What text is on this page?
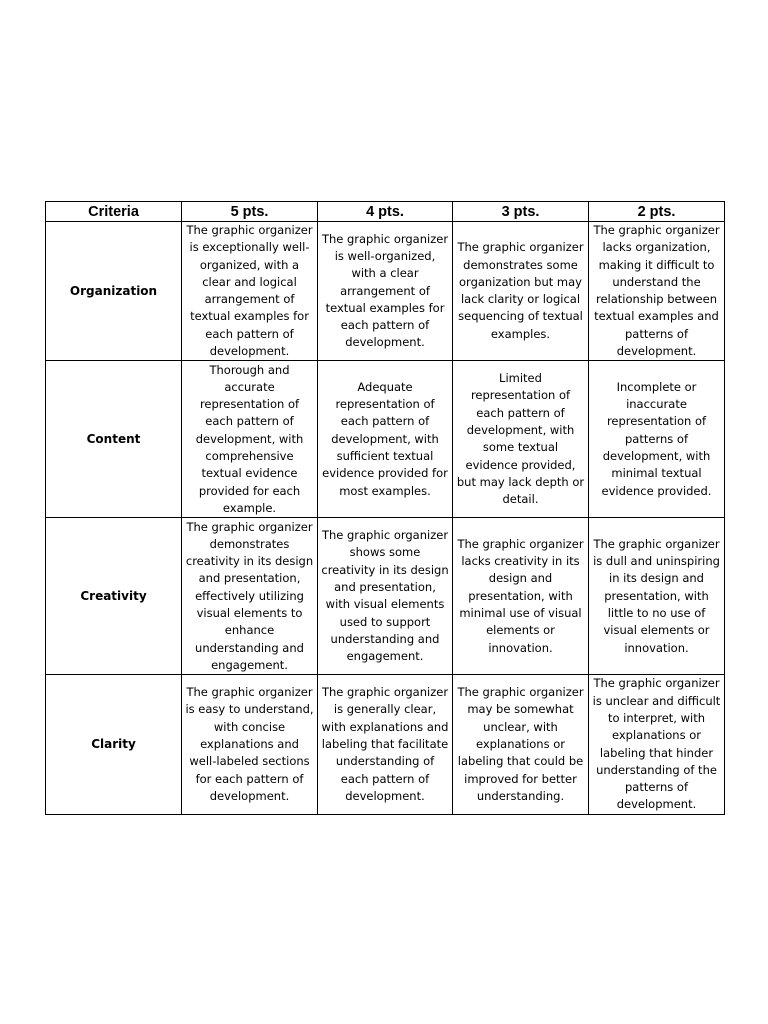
Criteria	5 pts.	4 pts.	3 pts.	2 pts.
Organization	The graphic organizer is exceptionally well-organized, with a clear and logical arrangement of textual examples for each pattern of development.	The graphic organizer is well-organized, with a clear arrangement of textual examples for each pattern of development.	The graphic organizer demonstrates some organization but may lack clarity or logical sequencing of textual examples.	The graphic organizer lacks organization, making it difficult to understand the relationship between textual examples and patterns of development.
Content	Thorough and accurate representation of each pattern of development, with comprehensive textual evidence provided for each example.	Adequate representation of each pattern of development, with sufficient textual evidence provided for most examples.	Limited representation of each pattern of development, with some textual evidence provided, but may lack depth or detail.	Incomplete or inaccurate representation of patterns of development, with minimal textual evidence provided.
Creativity	The graphic organizer demonstrates creativity in its design and presentation, effectively utilizing visual elements to enhance understanding and engagement.	The graphic organizer shows some creativity in its design and presentation, with visual elements used to support understanding and engagement.	The graphic organizer lacks creativity in its design and presentation, with minimal use of visual elements or innovation.	The graphic organizer is dull and uninspiring in its design and presentation, with little to no use of visual elements or innovation.
Clarity	The graphic organizer is easy to understand, with concise explanations and well-labeled sections for each pattern of development.	The graphic organizer is generally clear, with explanations and labeling that facilitate understanding of each pattern of development.	The graphic organizer may be somewhat unclear, with explanations or labeling that could be improved for better understanding.	The graphic organizer is unclear and difficult to interpret, with explanations or labeling that hinder understanding of the patterns of development.
